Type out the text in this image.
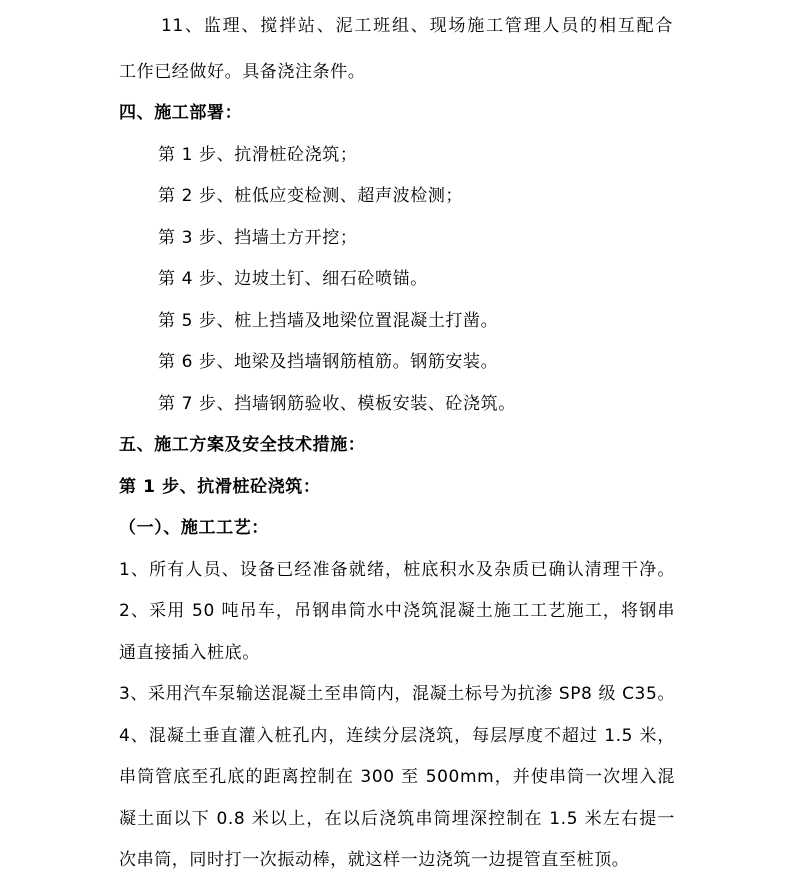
11、监理、搅拌站、泥工班组、现场施工管理人员的相互配合
工作已经做好。具备浇注条件。
四、施工部署：
第 1 步、抗滑桩砼浇筑；
第 2 步、桩低应变检测、超声波检测；
第 3 步、挡墙土方开挖；
第 4 步、边坡土钉、细石砼喷锚。
第 5 步、桩上挡墙及地梁位置混凝土打凿。
第 6 步、地梁及挡墙钢筋植筋。钢筋安装。
第 7 步、挡墙钢筋验收、模板安装、砼浇筑。
五、施工方案及安全技术措施：
第 1 步、抗滑桩砼浇筑：
（一）、施工工艺：
1、所有人员、设备已经准备就绪，桩底积水及杂质已确认清理干净。
2、采用 50 吨吊车，吊钢串筒水中浇筑混凝土施工工艺施工，将钢串
通直接插入桩底。
3、采用汽车泵输送混凝土至串筒内，混凝土标号为抗渗 SP8 级 C35。
4、混凝土垂直灌入桩孔内，连续分层浇筑，每层厚度不超过 1.5 米，
串筒管底至孔底的距离控制在 300 至 500mm，并使串筒一次埋入混
凝土面以下 0.8 米以上，在以后浇筑串筒埋深控制在 1.5 米左右提一
次串筒，同时打一次振动棒，就这样一边浇筑一边提管直至桩顶。
